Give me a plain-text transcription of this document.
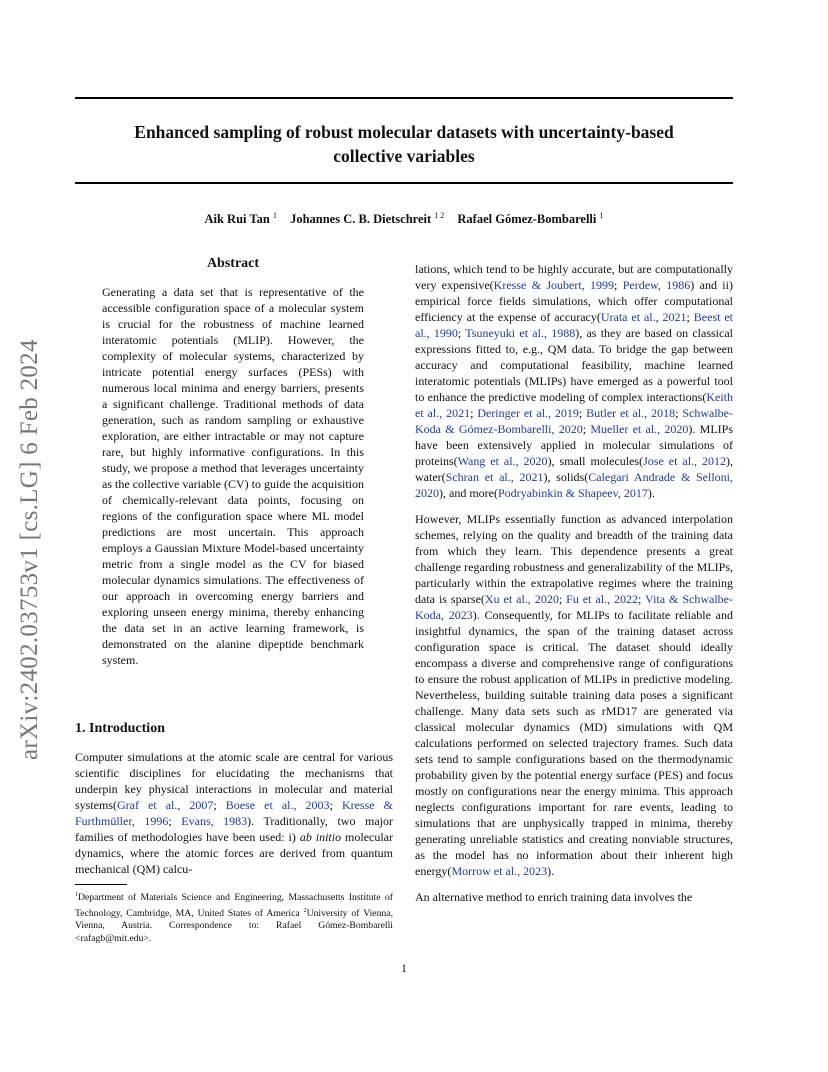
Enhanced sampling of robust molecular datasets with uncertainty-based
collective variables
Aik Rui Tan $^1$ Johannes C. B. Dietschreit $^{1 2}$ Rafael Gómez-Bombarelli $^1$
arXiv:2402.03753v1 [cs.LG] 6 Feb 2024
Abstract
Generating a data set that is representative of the accessible configuration space of a molecular system is crucial for the robustness of machine learned interatomic potentials (MLIP). However, the complexity of molecular systems, characterized by intricate potential energy surfaces (PESs) with numerous local minima and energy barriers, presents a significant challenge. Traditional methods of data generation, such as random sampling or exhaustive exploration, are either intractable or may not capture rare, but highly informative configurations. In this study, we propose a method that leverages uncertainty as the collective variable (CV) to guide the acquisition of chemically-relevant data points, focusing on regions of the configuration space where ML model predictions are most uncertain. This approach employs a Gaussian Mixture Model-based uncertainty metric from a single model as the CV for biased molecular dynamics simulations. The effectiveness of our approach in overcoming energy barriers and exploring unseen energy minima, thereby enhancing the data set in an active learning framework, is demonstrated on the alanine dipeptide benchmark system.
1. Introduction
Computer simulations at the atomic scale are central for various scientific disciplines for elucidating the mechanisms that underpin key physical interactions in molecular and material systems(Graf et al., 2007; Boese et al., 2003; Kresse & Furthmüller, 1996; Evans, 1983). Traditionally, two major families of methodologies have been used: i) ab initio molecular dynamics, where the atomic forces are derived from quantum mechanical (QM) calcu-
$^1$Department of Materials Science and Engineering, Massachusetts Institute of Technology, Cambridge, MA, United States of America $^2$University of Vienna, Vienna, Austria. Correspondence to: Rafael Gómez-Bombarelli <rafagb@mit.edu>.

lations, which tend to be highly accurate, but are computationally very expensive(Kresse & Joubert, 1999; Perdew, 1986) and ii) empirical force fields simulations, which offer computational efficiency at the expense of accuracy(Urata et al., 2021; Beest et al., 1990; Tsuneyuki et al., 1988), as they are based on classical expressions fitted to, e.g., QM data. To bridge the gap between accuracy and computational feasibility, machine learned interatomic potentials (MLIPs) have emerged as a powerful tool to enhance the predictive modeling of complex interactions(Keith et al., 2021; Deringer et al., 2019; Butler et al., 2018; Schwalbe-Koda & Gómez-Bombarelli, 2020; Mueller et al., 2020). MLIPs have been extensively applied in molecular simulations of proteins(Wang et al., 2020), small molecules(Jose et al., 2012), water(Schran et al., 2021), solids(Calegari Andrade & Selloni, 2020), and more(Podryabinkin & Shapeev, 2017).

However, MLIPs essentially function as advanced interpolation schemes, relying on the quality and breadth of the training data from which they learn. This dependence presents a great challenge regarding robustness and generalizability of the MLIPs, particularly within the extrapolative regimes where the training data is sparse(Xu et al., 2020; Fu et al., 2022; Vita & Schwalbe-Koda, 2023). Consequently, for MLIPs to facilitate reliable and insightful dynamics, the span of the training dataset across configuration space is critical. The dataset should ideally encompass a diverse and comprehensive range of configurations to ensure the robust application of MLIPs in predictive modeling. Nevertheless, building suitable training data poses a significant challenge. Many data sets such as rMD17 are generated via classical molecular dynamics (MD) simulations with QM calculations performed on selected trajectory frames. Such data sets tend to sample configurations based on the thermodynamic probability given by the potential energy surface (PES) and focus mostly on configurations near the energy minima. This approach neglects configurations important for rare events, leading to simulations that are unphysically trapped in minima, thereby generating unreliable statistics and creating nonviable structures, as the model has no information about their inherent high energy(Morrow et al., 2023).

An alternative method to enrich training data involves the

1
